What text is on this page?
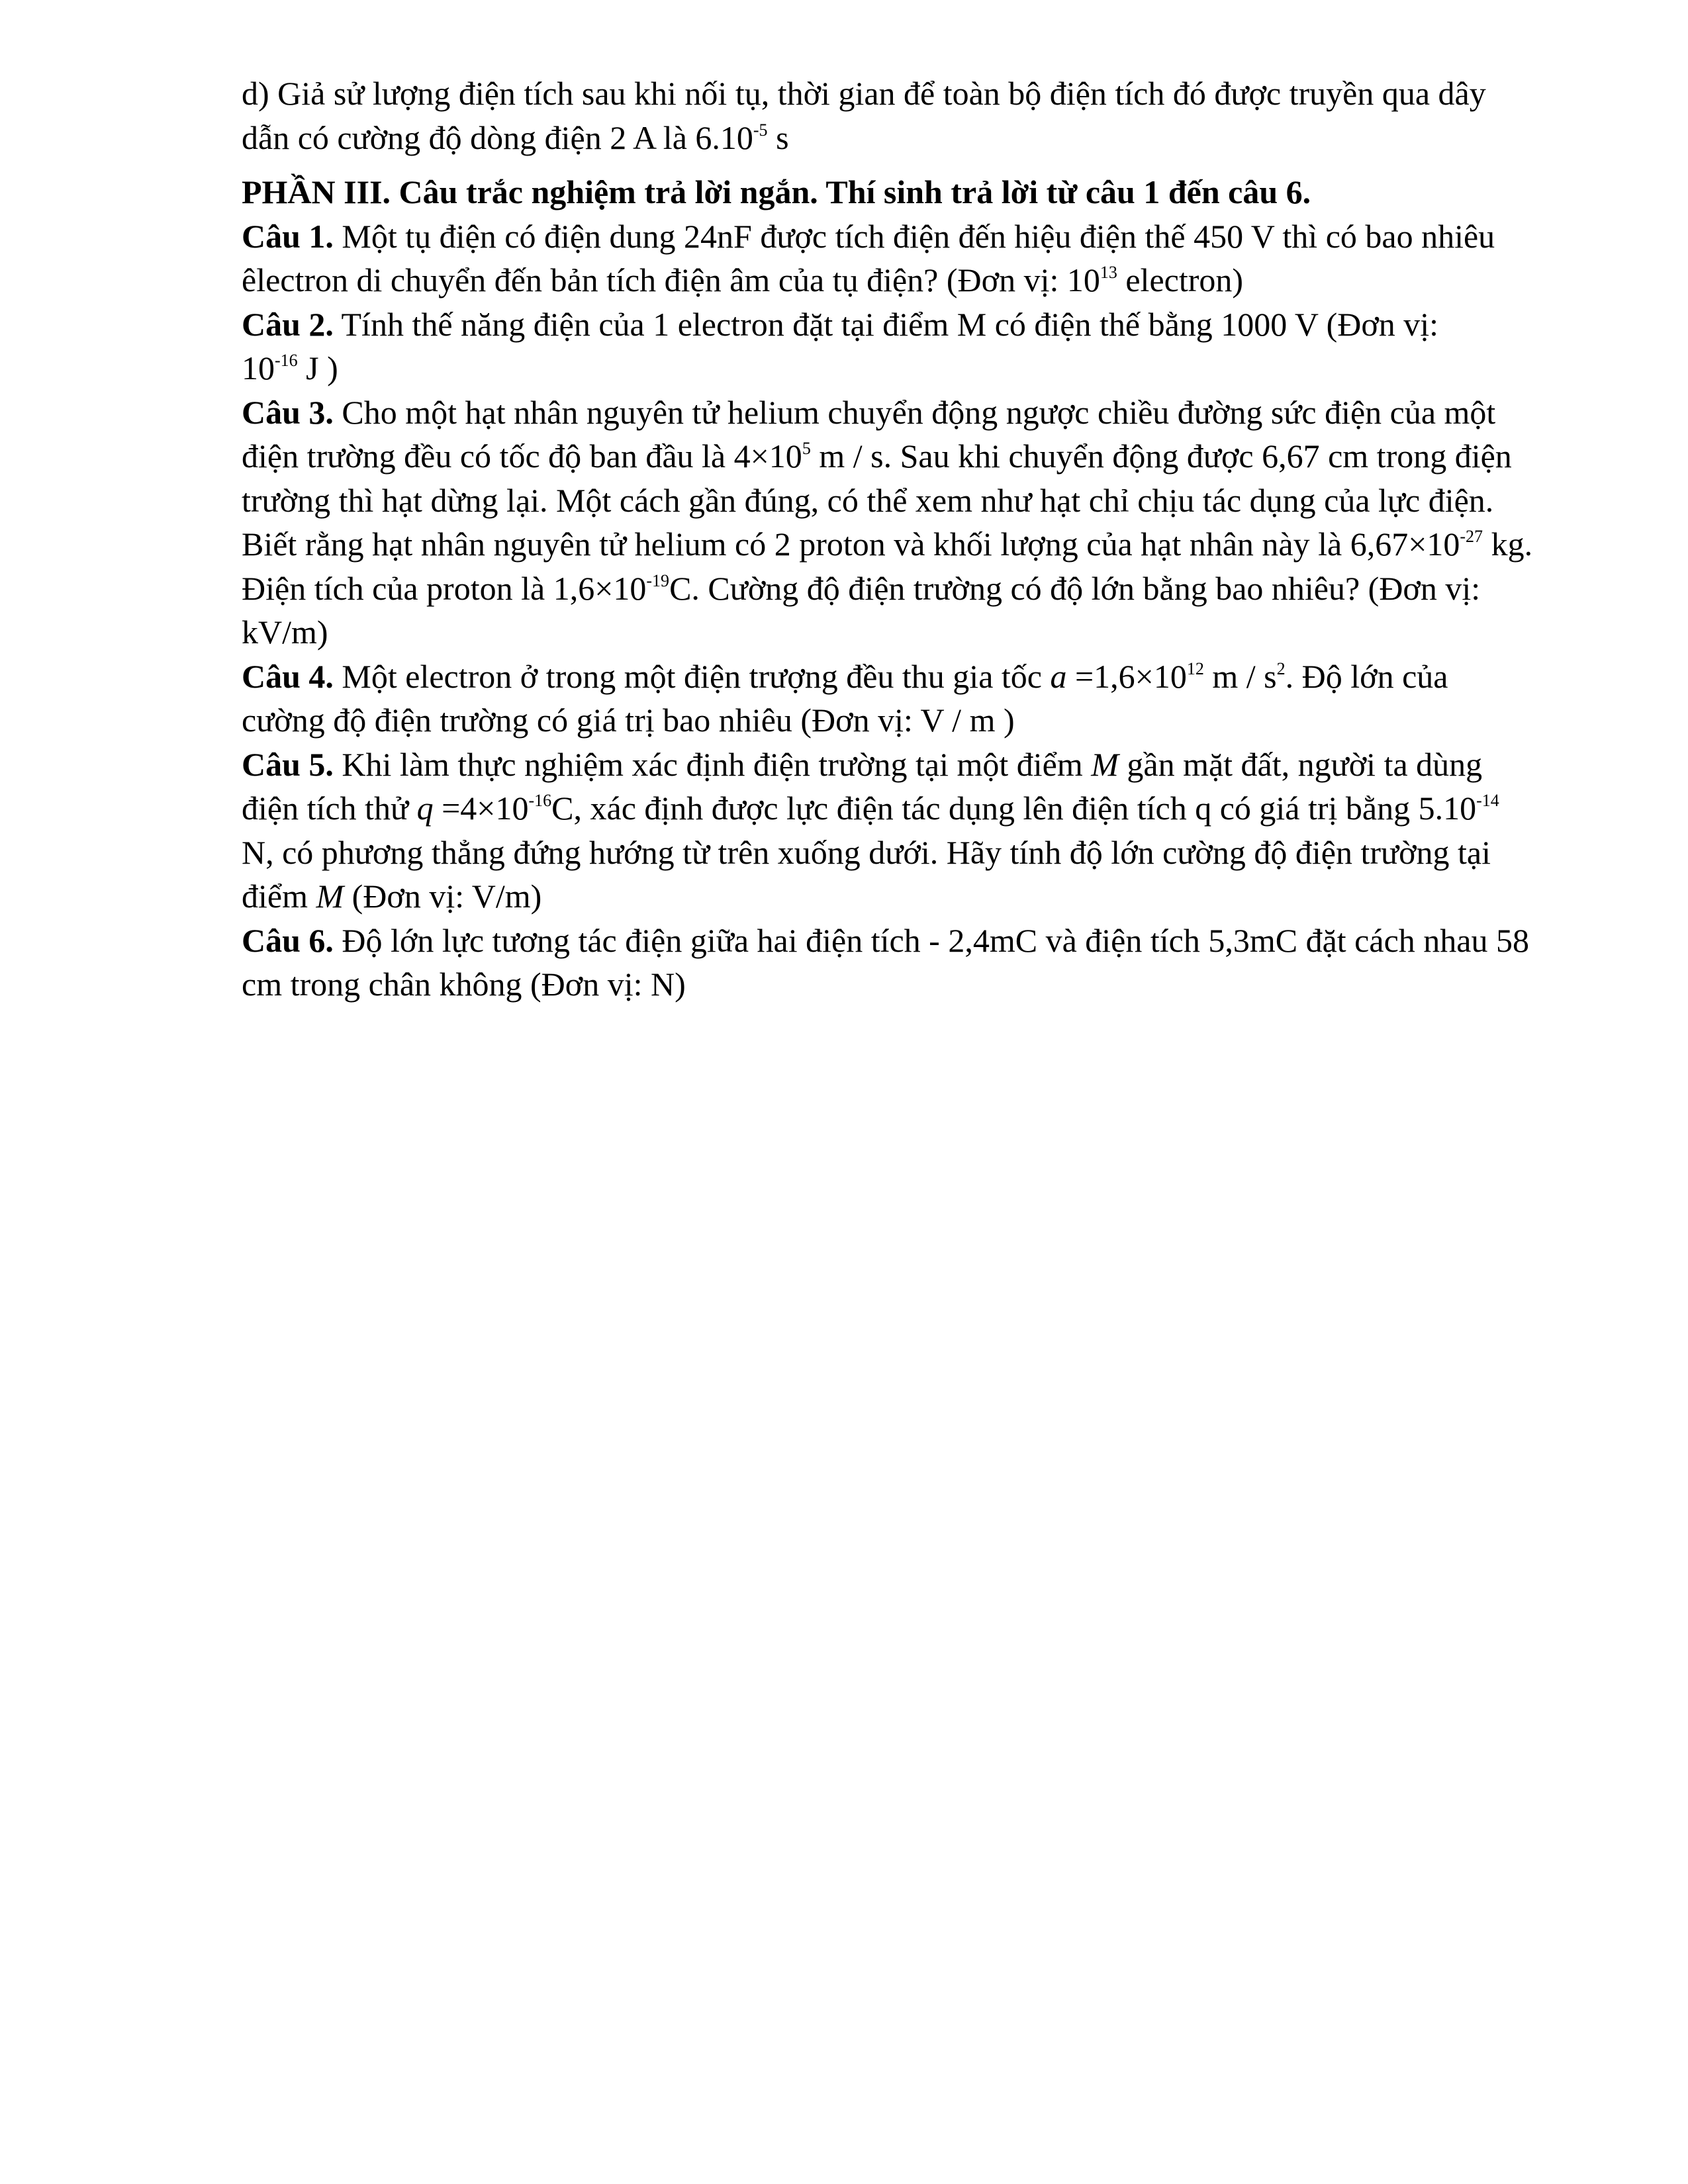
d) Giả sử lượng điện tích sau khi nối tụ, thời gian để toàn bộ điện tích đó được truyền qua dây dẫn có cường độ dòng điện 2 A là $6.10^{-5}$ s

PHẦN III. Câu trắc nghiệm trả lời ngắn. Thí sinh trả lời từ câu 1 đến câu 6.

Câu 1. Một tụ điện có điện dung 24nF được tích điện đến hiệu điện thế 450 V thì có bao nhiêu êlectron di chuyển đến bản tích điện âm của tụ điện? (Đơn vị: $10^{13}$ electron)

Câu 2. Tính thế năng điện của 1 electron đặt tại điểm M có điện thế bằng 1000 V (Đơn vị:
$10^{-16}$ J )

Câu 3. Cho một hạt nhân nguyên tử helium chuyển động ngược chiều đường sức điện của một điện trường đều có tốc độ ban đầu là $4\times 10^5$ m / s. Sau khi chuyển động được 6,67 cm trong điện trường thì hạt dừng lại. Một cách gần đúng, có thể xem như hạt chỉ chịu tác dụng của lực điện. Biết rằng hạt nhân nguyên tử helium có 2 proton và khối lượng của hạt nhân này là $6,67\times 10^{-27}$ kg. Điện tích của proton là $1,6\times 10^{-19}C$. Cường độ điện trường có độ lớn bằng bao nhiêu? (Đơn vị: kV/m)

Câu 4. Một electron ở trong một điện trượng đều thu gia tốc $a =1,6\times 10^{12}$ m / $s^2$. Độ lớn của cường độ điện trường có giá trị bao nhiêu (Đơn vị: V / m )

Câu 5. Khi làm thực nghiệm xác định điện trường tại một điểm M gần mặt đất, người ta dùng điện tích thử $q =4\times 10^{-16}C$, xác định được lực điện tác dụng lên điện tích q có giá trị bằng $5.10^{-14}$ N, có phương thẳng đứng hướng từ trên xuống dưới. Hãy tính độ lớn cường độ điện trường tại điểm M (Đơn vị: V/m)

Câu 6. Độ lớn lực tương tác điện giữa hai điện tích - 2,4mC và điện tích 5,3mC đặt cách nhau 58 cm trong chân không (Đơn vị: N)
